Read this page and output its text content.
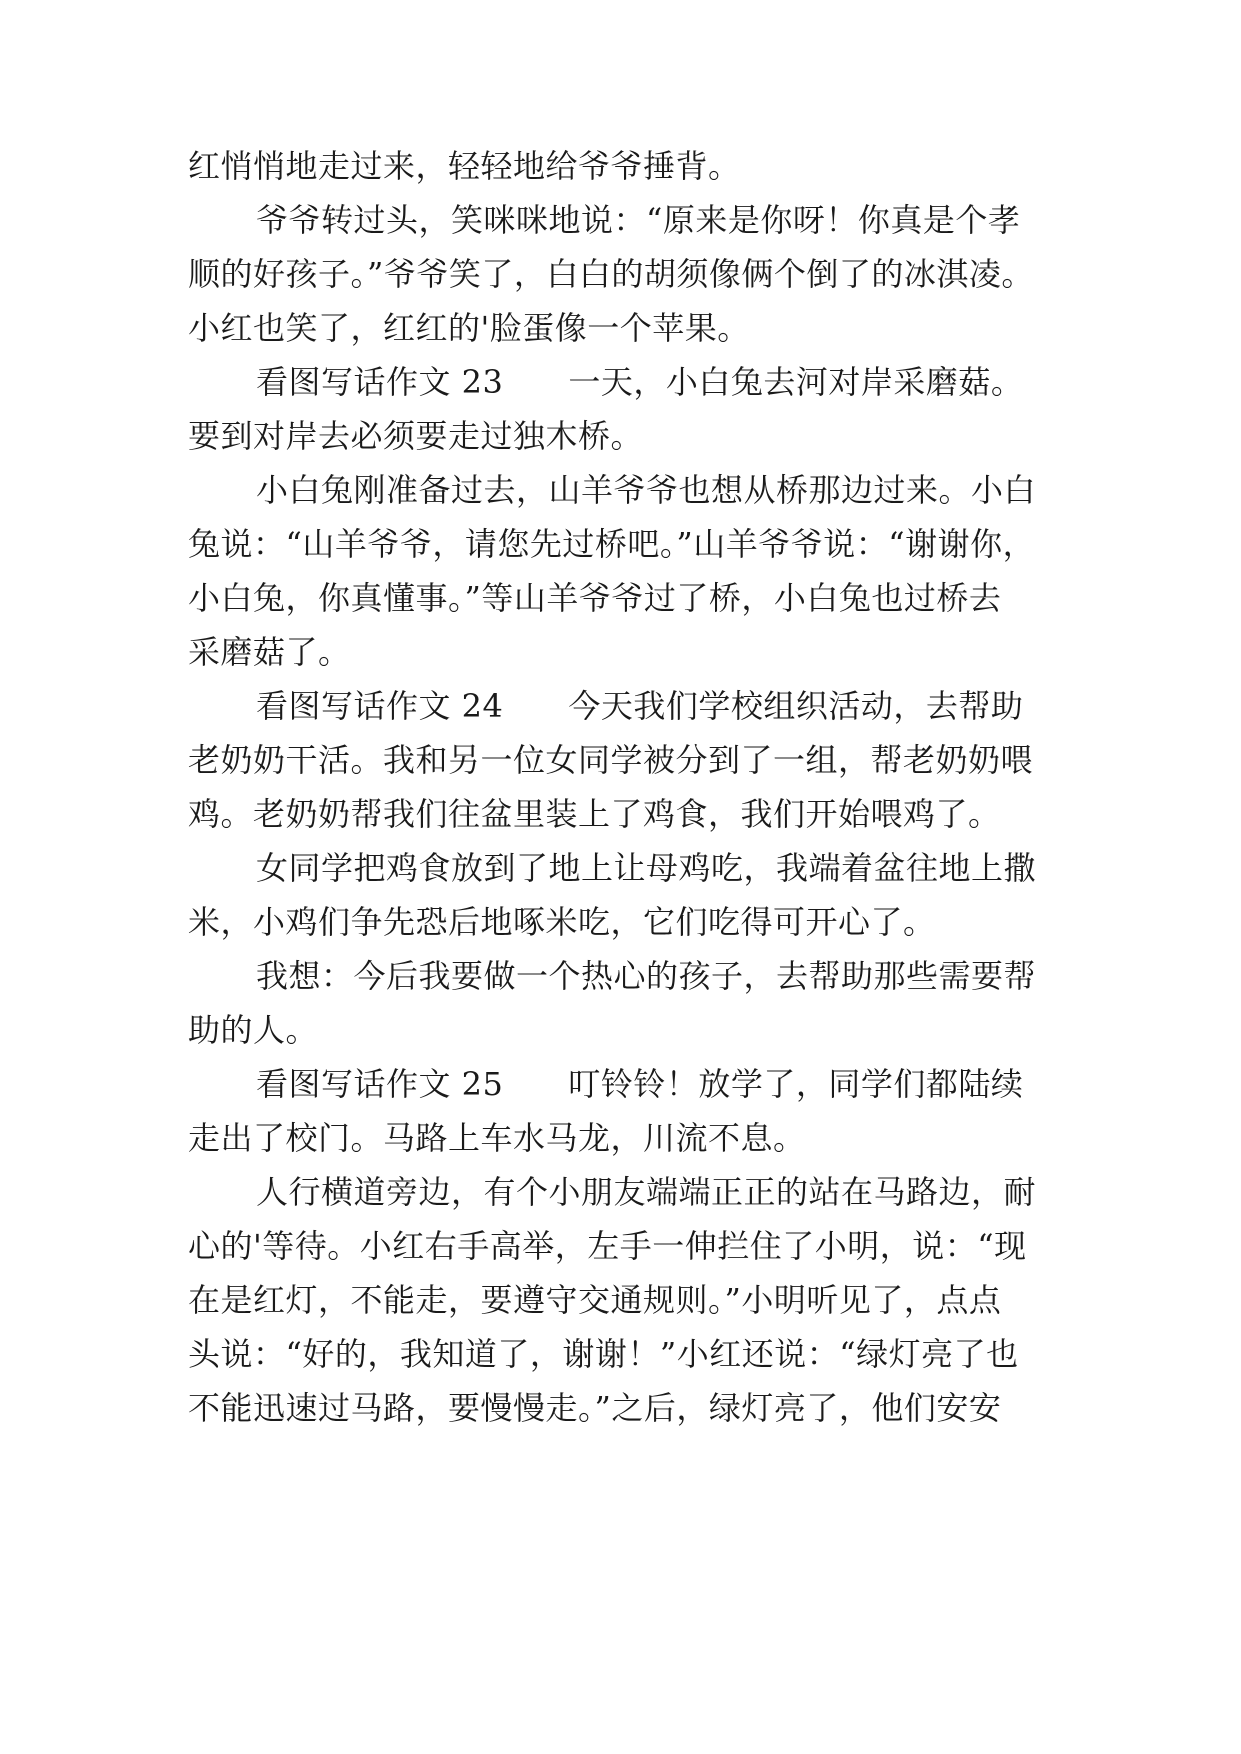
红悄悄地走过来，轻轻地给爷爷捶背。
爷爷转过头，笑咪咪地说：“原来是你呀！你真是个孝
顺的好孩子。”爷爷笑了，白白的胡须像俩个倒了的冰淇凌。
小红也笑了，红红的'脸蛋像一个苹果。
看图写话作文 23　　一天，小白兔去河对岸采磨菇。
要到对岸去必须要走过独木桥。
小白兔刚准备过去，山羊爷爷也想从桥那边过来。小白
兔说：“山羊爷爷，请您先过桥吧。”山羊爷爷说：“谢谢你，
小白兔，你真懂事。”等山羊爷爷过了桥，小白兔也过桥去
采磨菇了。
看图写话作文 24　　今天我们学校组织活动，去帮助
老奶奶干活。我和另一位女同学被分到了一组，帮老奶奶喂
鸡。老奶奶帮我们往盆里装上了鸡食，我们开始喂鸡了。
女同学把鸡食放到了地上让母鸡吃，我端着盆往地上撒
米，小鸡们争先恐后地啄米吃，它们吃得可开心了。
我想：今后我要做一个热心的孩子，去帮助那些需要帮
助的人。
看图写话作文 25　　叮铃铃！放学了，同学们都陆续
走出了校门。马路上车水马龙，川流不息。
人行横道旁边，有个小朋友端端正正的站在马路边，耐
心的'等待。小红右手高举，左手一伸拦住了小明，说：“现
在是红灯，不能走，要遵守交通规则。”小明听见了，点点
头说：“好的，我知道了，谢谢！”小红还说：“绿灯亮了也
不能迅速过马路，要慢慢走。”之后，绿灯亮了，他们安安
